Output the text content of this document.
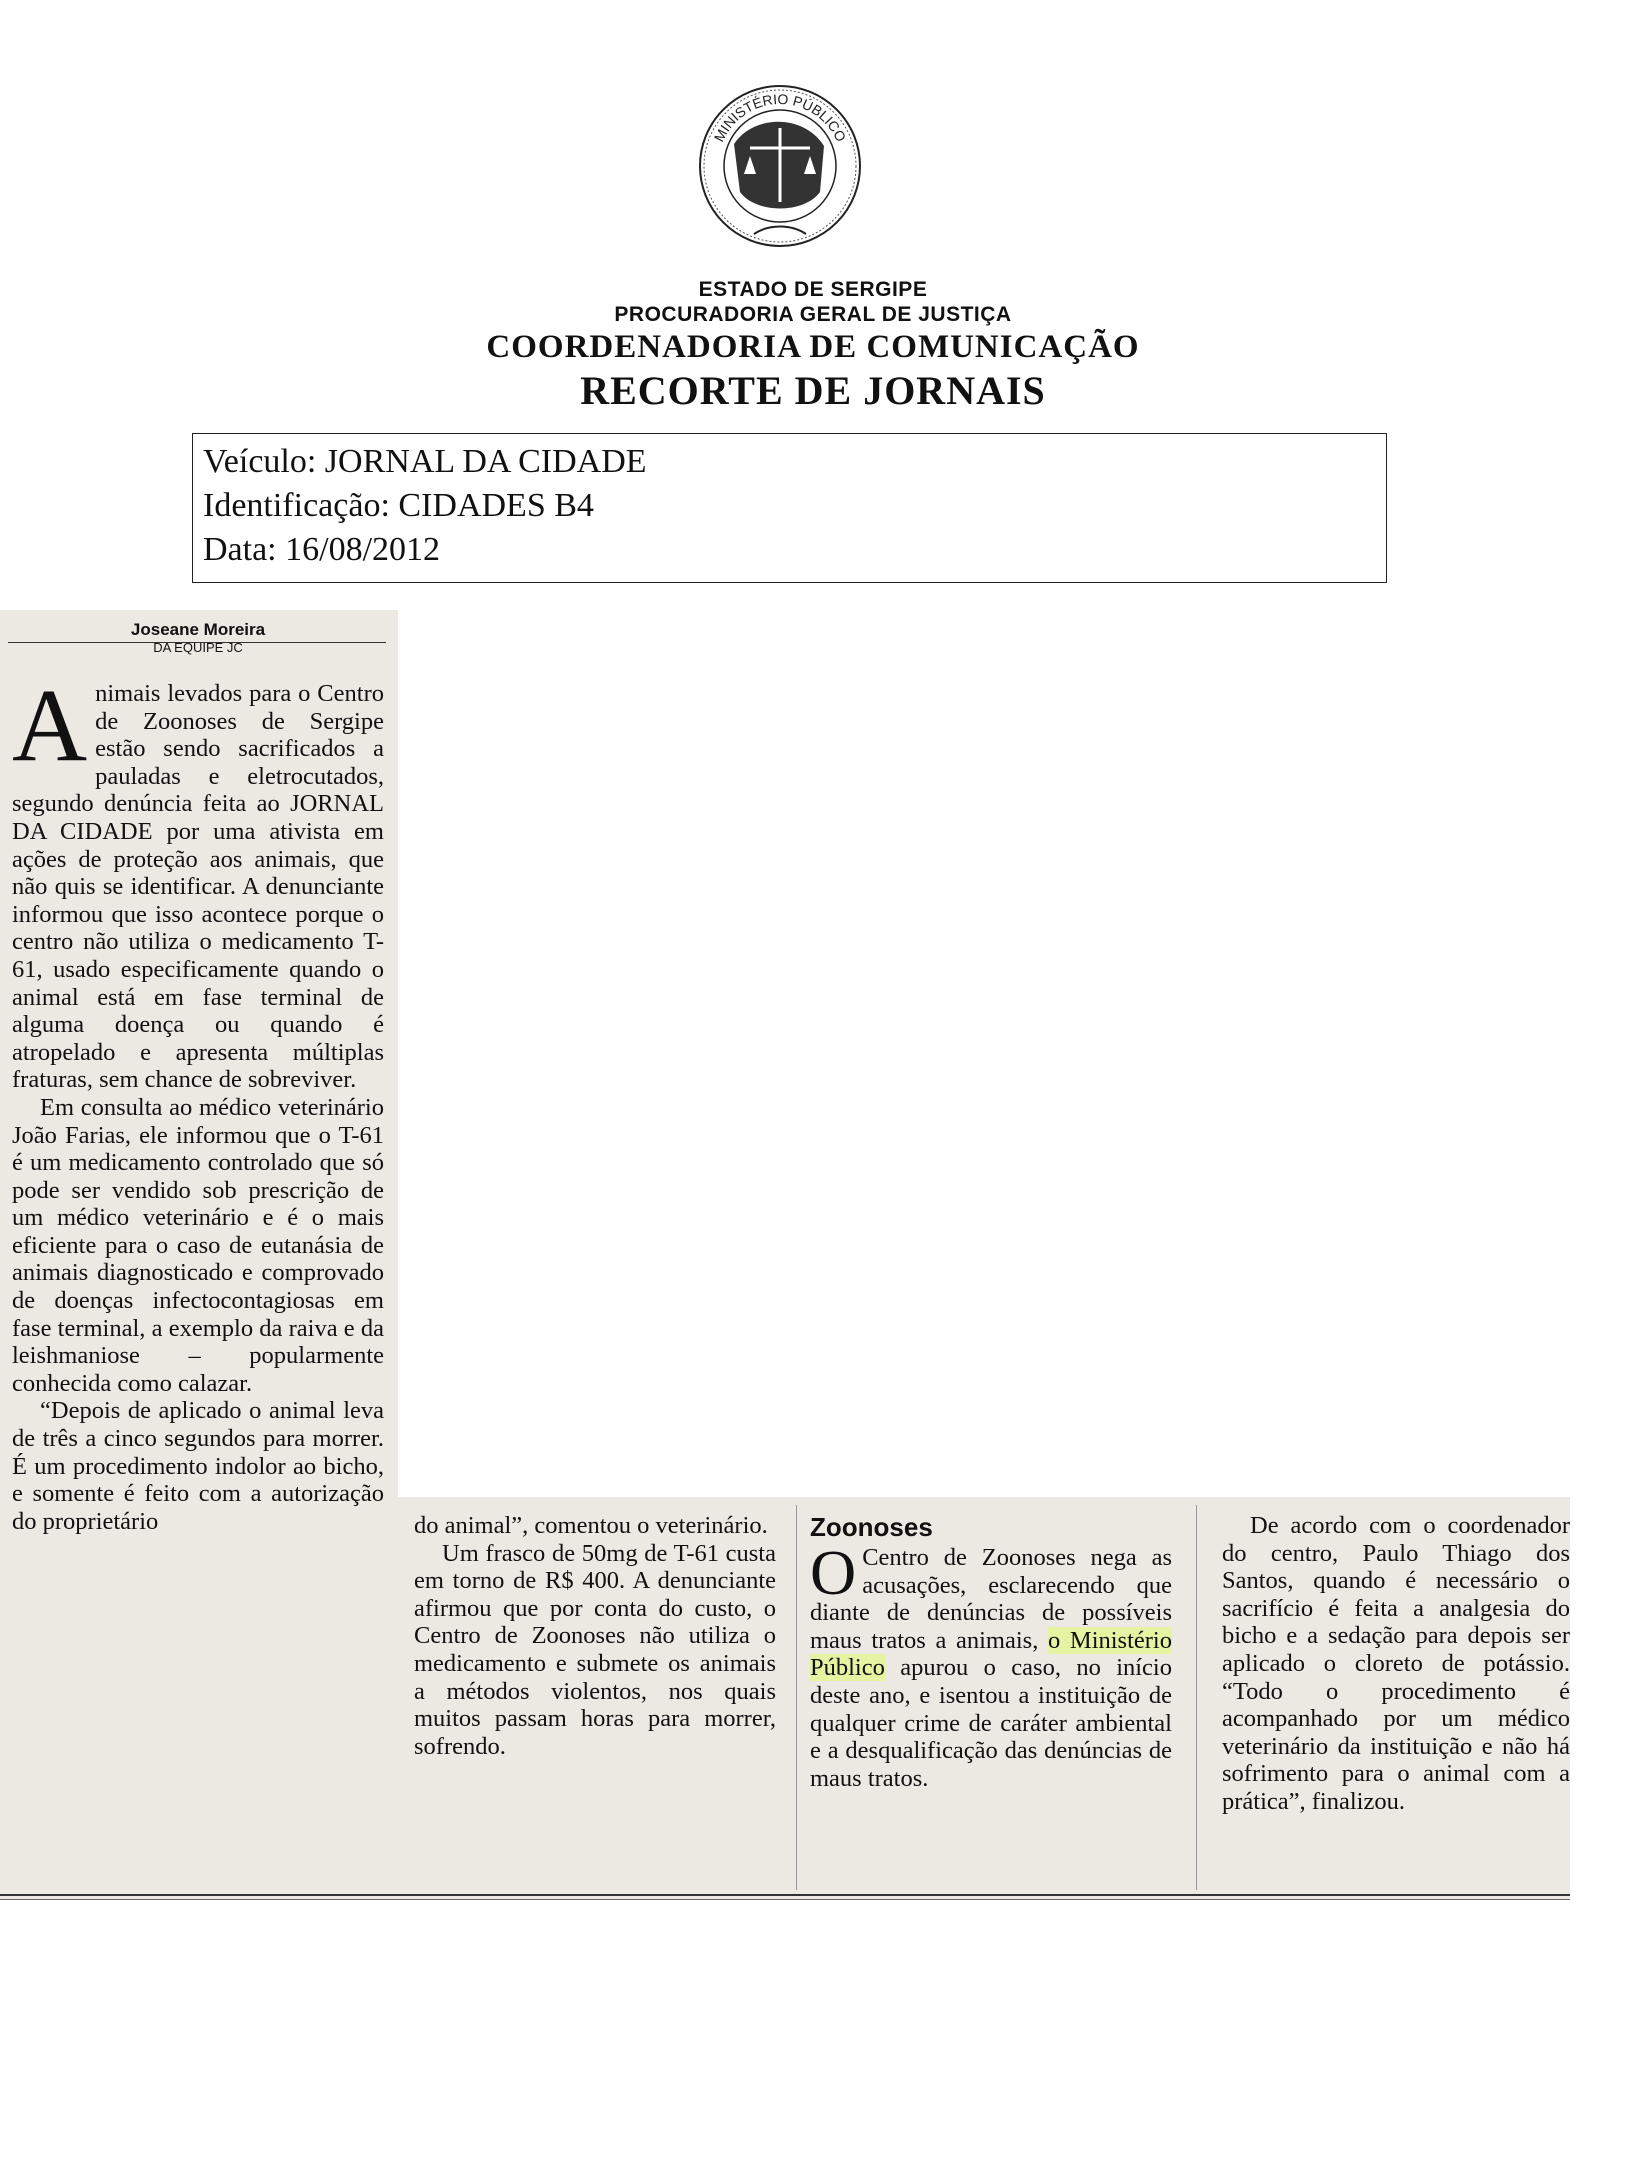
MINISTÉRIO PÚBLICO
ESTADO DE SERGIPE
PROCURADORIA GERAL DE JUSTIÇA
COORDENADORIA DE COMUNICAÇÃO
RECORTE DE JORNAIS
Veículo: JORNAL DA CIDADE
Identificação: CIDADES B4
Data: 16/08/2012
Joseane Moreira
DA EQUIPE JC

Animais levados para o Centro de Zoonoses de Sergipe estão sendo sacrificados a pauladas e eletrocutados, segundo denúncia feita ao JORNAL DA CIDADE por uma ativista em ações de proteção aos animais, que não quis se identificar. A denunciante informou que isso acontece porque o centro não utiliza o medicamento T-61, usado especificamente quando o animal está em fase terminal de alguma doença ou quando é atropelado e apresenta múltiplas fraturas, sem chance de sobreviver.

Em consulta ao médico veterinário João Farias, ele informou que o T-61 é um medicamento controlado que só pode ser vendido sob prescrição de um médico veterinário e é o mais eficiente para o caso de eutanásia de animais diagnosticado e comprovado de doenças infectocontagiosas em fase terminal, a exemplo da raiva e da leishmaniose – popularmente conhecida como calazar.

“Depois de aplicado o animal leva de três a cinco segundos para morrer. É um procedimento indolor ao bicho, e somente é feito com a autorização do proprietário	do animal”, comentou o veterinário.

Um frasco de 50mg de T-61 custa em torno de R$ 400. A denunciante afirmou que por conta do custo, o Centro de Zoonoses não utiliza o medicamento e submete os animais a métodos violentos, nos quais muitos passam horas para morrer, sofrendo.

Zoonoses

O Centro de Zoonoses nega as acusações, esclarecendo que diante de denúncias de possíveis maus tratos a animais, o Ministério Público apurou o caso, no início deste ano, e isentou a instituição de qualquer crime de caráter ambiental e a desqualificação das denúncias de maus tratos.

De acordo com o coordenador do centro, Paulo Thiago dos Santos, quando é necessário o sacrifício é feita a analgesia do bicho e a sedação para depois ser aplicado o cloreto de potássio. “Todo o procedimento é acompanhado por um médico veterinário da instituição e não há sofrimento para o animal com a prática”, finalizou.
